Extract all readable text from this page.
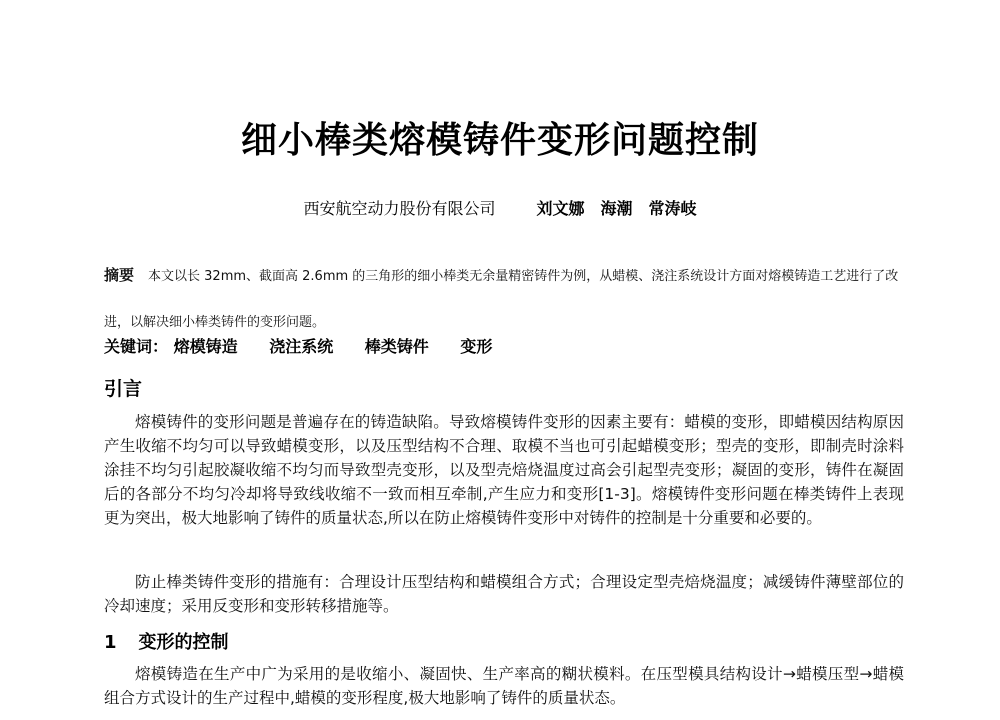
细小棒类熔模铸件变形问题控制
西安航空动力股份有限公司	刘文娜　海潮　常涛岐
摘要 本文以长 32mm、截面高 2.6mm 的三角形的细小棒类无余量精密铸件为例，从蜡模、浇注系统设计方面对熔模铸造工艺进行了改进，以解决细小棒类铸件的变形问题。
关键词： 熔模铸造 浇注系统 棒类铸件 变形
引言

熔模铸件的变形问题是普遍存在的铸造缺陷。导致熔模铸件变形的因素主要有：蜡模的变形，即蜡模因结构原因产生收缩不均匀可以导致蜡模变形，以及压型结构不合理、取模不当也可引起蜡模变形；型壳的变形，即制壳时涂料涂挂不均匀引起胶凝收缩不均匀而导致型壳变形，以及型壳焙烧温度过高会引起型壳变形；凝固的变形，铸件在凝固后的各部分不均匀冷却将导致线收缩不一致而相互牵制,产生应力和变形[1-3]。熔模铸件变形问题在棒类铸件上表现更为突出，极大地影响了铸件的质量状态,所以在防止熔模铸件变形中对铸件的控制是十分重要和必要的。

防止棒类铸件变形的措施有：合理设计压型结构和蜡模组合方式；合理设定型壳焙烧温度；减缓铸件薄壁部位的冷却速度；采用反变形和变形转移措施等。

1 变形的控制

熔模铸造在生产中广为采用的是收缩小、凝固快、生产率高的糊状模料。在压型模具结构设计→蜡模压型→蜡模组合方式设计的生产过程中,蜡模的变形程度,极大地影响了铸件的质量状态。
